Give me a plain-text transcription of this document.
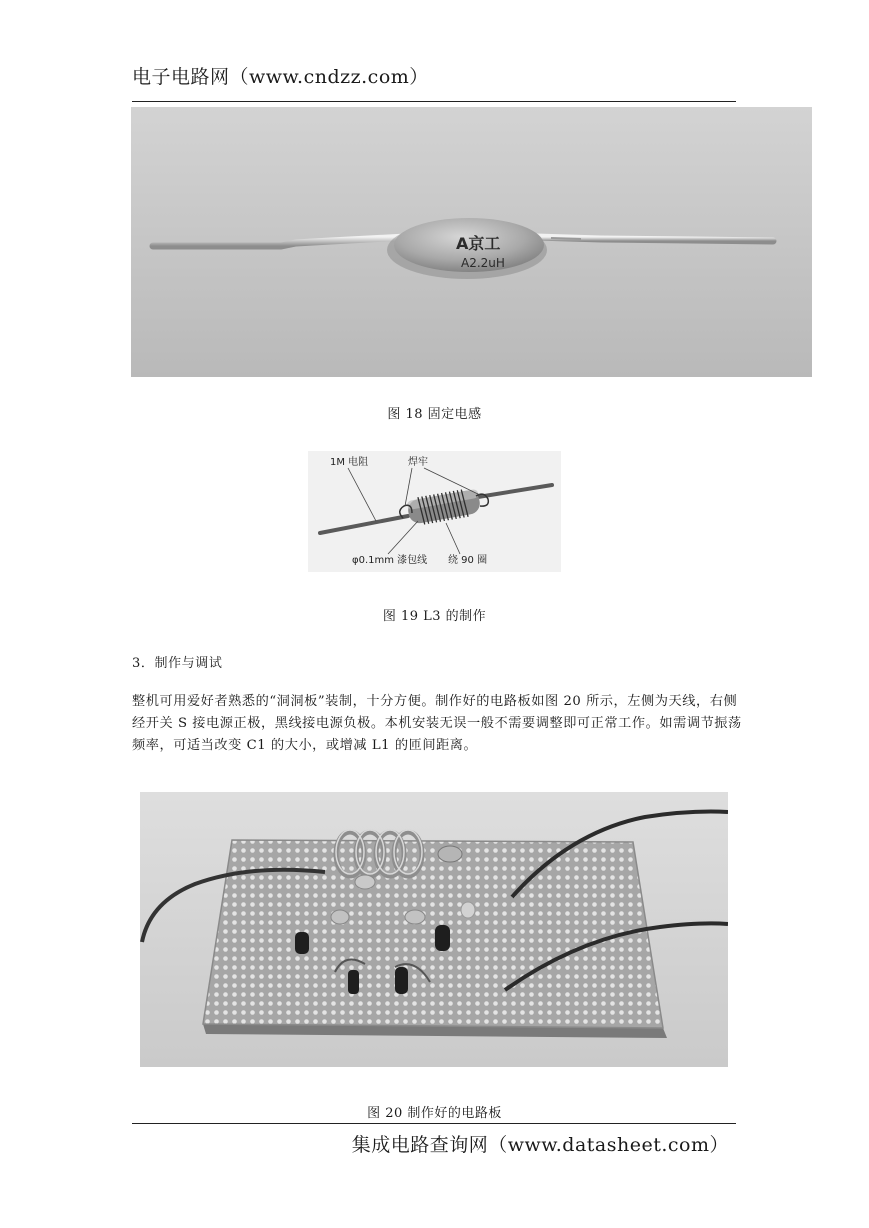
电子电路网（www.cndzz.com）
A京工
A2.2uH
图 18 固定电感
1M 电阻	焊牢
φ0.1mm 漆包线 绕 90 圈
图 19 L3 的制作
3．制作与调试

整机可用爱好者熟悉的“洞洞板”装制，十分方便。制作好的电路板如图 20 所示，左侧为天线，右侧经开关 S 接电源正极，黑线接电源负极。本机安装无误一般不需要调整即可正常工作。如需调节振荡频率，可适当改变 C1 的大小，或增减 L1 的匝间距离。

图 20 制作好的电路板
集成电路查询网（www.datasheet.com）
